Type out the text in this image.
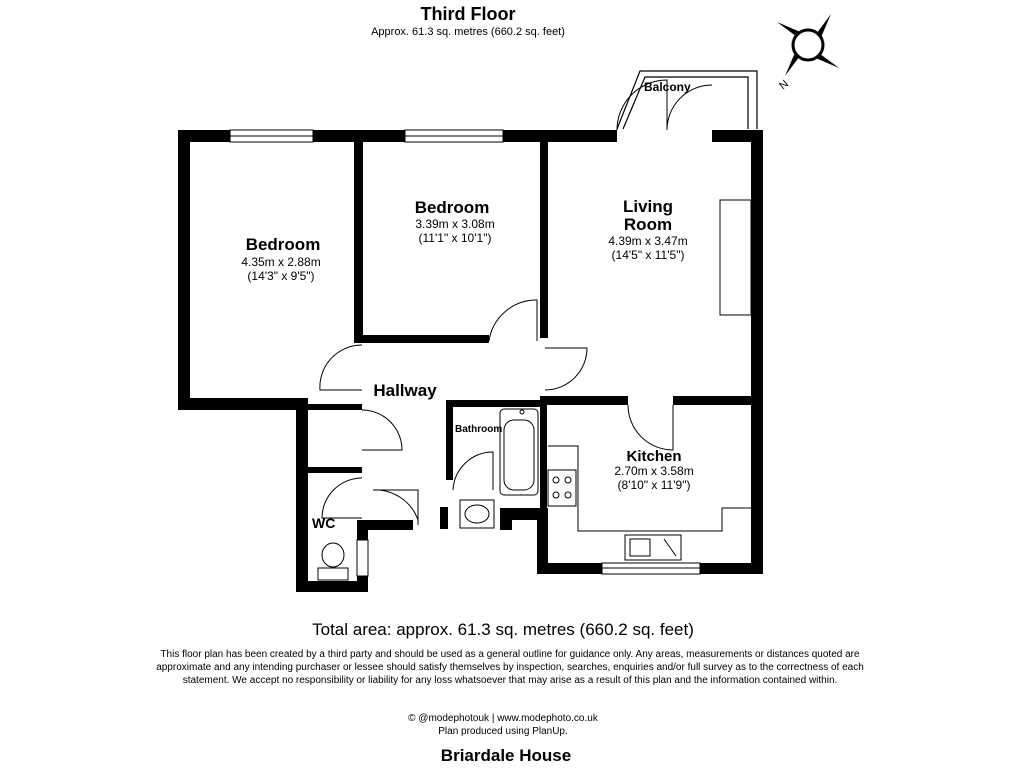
Third Floor
Approx. 61.3 sq. metres (660.2 sq. feet)
N
Balcony
Bedroom
4.35m x 2.88m
(14'3" x 9'5")
Bedroom
3.39m x 3.08m
(11'1" x 10'1")
Living
Room
4.39m x 3.47m
(14'5" x 11'5")
Hallway
Bathroom
Kitchen
2.70m x 3.58m
(8'10" x 11'9")
WC
Total area: approx. 61.3 sq. metres (660.2 sq. feet)
This floor plan has been created by a third party and should be used as a general outline for guidance only. Any areas, measurements or distances quoted are approximate and any intending purchaser or lessee should satisfy themselves by inspection, searches, enquiries and/or full survey as to the correctness of each statement. We accept no responsibility or liability for any loss whatsoever that may arise as a result of this plan and the information contained within.
© @modephotouk | www.modephoto.co.uk
Plan produced using PlanUp.
Briardale House
